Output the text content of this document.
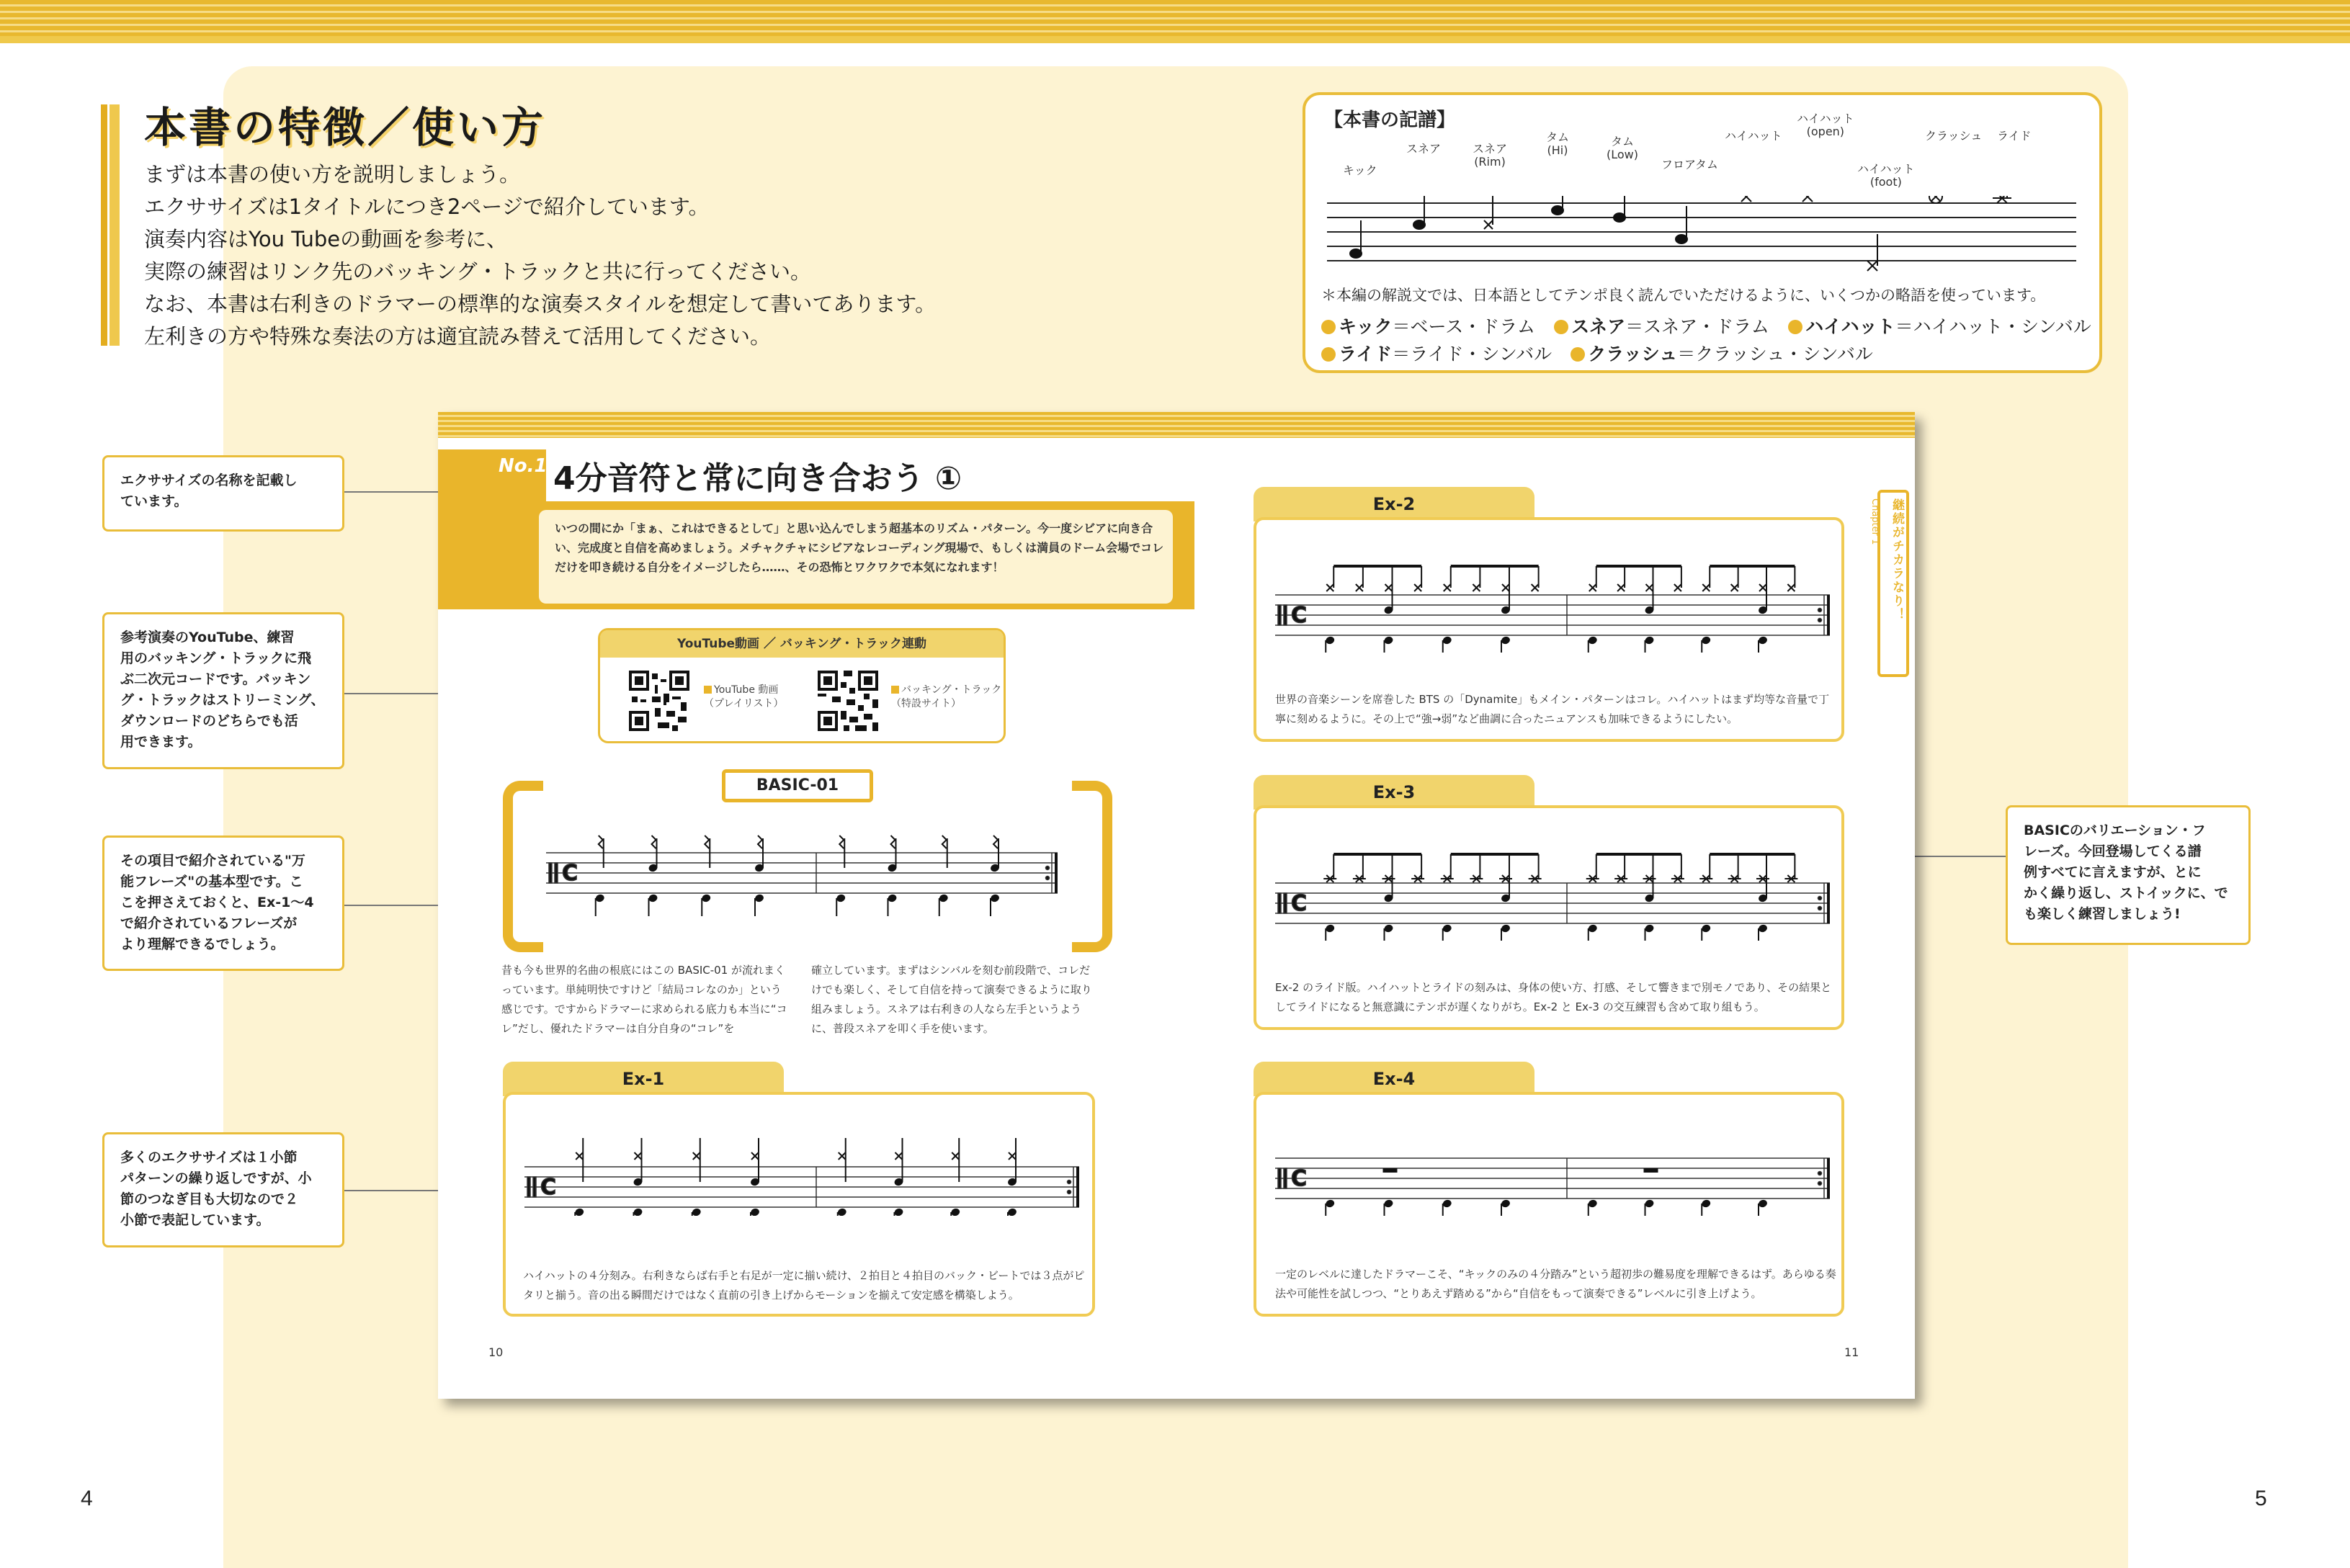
本書の特徴／使い方
まずは本書の使い方を説明しましょう。
エクササイズは1タイトルにつき2ページで紹介しています。
演奏内容はYou Tubeの動画を参考に、
実際の練習はリンク先のバッキング・トラックと共に行ってください。
なお、本書は右利きのドラマーの標準的な演奏スタイルを想定して書いてあります。
左利きの方や特殊な奏法の方は適宜読み替えて活用してください。
【本書の記譜】
キック
スネア	スネア
(Rim)
タム
(Hi)
タム
(Low)
フロアタム
ハイハット
ハイハット
(open)
ハイハット
(foot)
クラッシュ ライド
＊本編の解説文では、日本語としてテンポ良く読んでいただけるように、いくつかの略語を使っています。
キック＝ベース・ドラム スネア＝スネア・ドラム ハイハット＝ハイハット・シンバル
ライド＝ライド・シンバル クラッシュ＝クラッシュ・シンバル
エクササイズの名称を記載し
ています。
参考演奏のYouTube、練習
用のバッキング・トラックに飛
ぶ二次元コードです。バッキン
グ・トラックはストリーミング、
ダウンロードのどちらでも活
用できます。
その項目で紹介されている"万
能フレーズ"の基本型です。こ
こを押さえておくと、Ex-1〜4
で紹介されているフレーズが
より理解できるでしょう。
多くのエクササイズは１小節
パターンの繰り返しですが、小
節のつなぎ目も大切なので２
小節で表記しています。
BASICのバリエーション・フ
レーズ。今回登場してくる譜
例すべてに言えますが、とに
かく繰り返し、ストイックに、で
も楽しく練習しましょう!
No.1 4分音符と常に向き合おう ①
いつの間にか「まぁ、これはできるとして」と思い込んでしまう超基本のリズム・パターン。今一度シビアに向き合い、完成度と自信を高めましょう。メチャクチャにシビアなレコーディング現場で、もしくは満員のドーム会場でコレだけを叩き続ける自分をイメージしたら……、その恐怖とワクワクで本気になれます！
YouTube動画 ／ バッキング・トラック連動
YouTube 動画
（プレイリスト）
バッキング・トラック
（特設サイト）
BASIC-01
C
昔も今も世界的名曲の根底にはこの BASIC-01 が流れまくっています。単純明快ですけど「結局コレなのか」という感じです。ですからドラマーに求められる底力も本当に“コレ”だし、優れたドラマーは自分自身の“コレ”を
確立しています。まずはシンバルを刻む前段階で、コレだけでも楽しく、そして自信を持って演奏できるように取り組みましょう。スネアは右利きの人なら左手というように、普段スネアを叩く手を使います。
Ex-1
C
ハイハットの４分刻み。右利きならば右手と右足が一定に揃い続け、２拍目と４拍目のバック・ビートでは３点がピタリと揃う。音の出る瞬間だけではなく直前の引き上げからモーションを揃えて安定感を構築しよう。
継続がチカラなり！
Chapter 1
Ex-2
C
世界の音楽シーンを席巻した BTS の「Dynamite」もメイン・パターンはコレ。ハイハットはまず均等な音量で丁寧に刻めるように。その上で“強→弱”など曲調に合ったニュアンスも加味できるようにしたい。
Ex-3
C
Ex-2 のライド版。ハイハットとライドの刻みは、身体の使い方、打感、そして響きまで別モノであり、その結果としてライドになると無意識にテンポが遅くなりがち。Ex-2 と Ex-3 の交互練習も含めて取り組もう。
Ex-4
C
一定のレベルに達したドラマーこそ、“キックのみの４分踏み”という超初歩の難易度を理解できるはず。あらゆる奏法や可能性を試しつつ、“とりあえず踏める”から“自信をもって演奏できる”レベルに引き上げよう。
10	11
4	5
